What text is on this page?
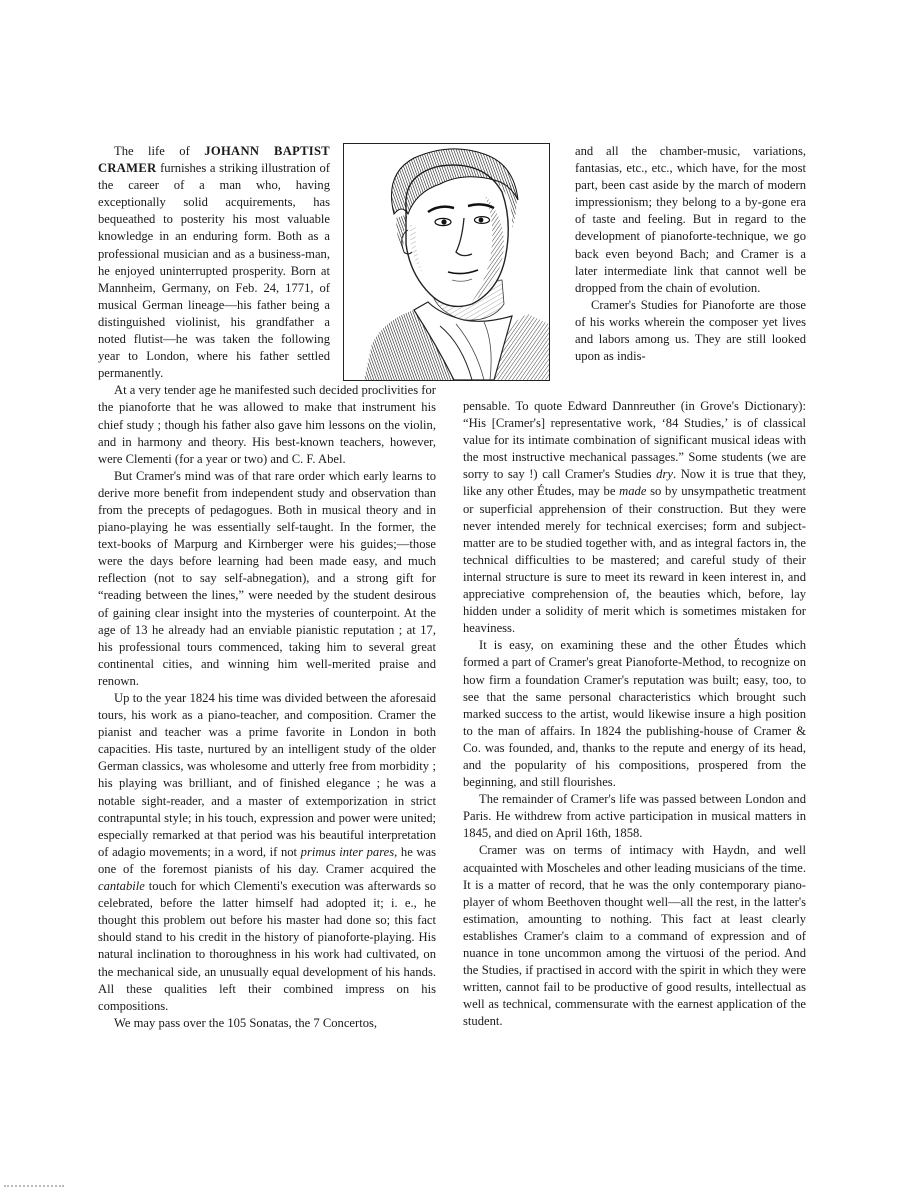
The life of JOHANN BAPTIST CRAMER furnishes a striking illustration of the career of a man who, having exceptionally solid acquirements, has bequeathed to posterity his most valuable knowledge in an enduring form. Both as a professional musician and as a business-man, he enjoyed uninterrupted prosperity. Born at Mannheim, Germany, on Feb. 24, 1771, of musical German lineage—his father being a distinguished violinist, his grandfather a noted flutist—he was taken the following year to London, where his father settled permanently.

At a very tender age he manifested such decided proclivities for the pianoforte that he was allowed to make that instrument his chief study ; though his father also gave him lessons on the violin, and in harmony and theory. His best-known teachers, however, were Clementi (for a year or two) and C. F. Abel.

But Cramer's mind was of that rare order which early learns to derive more benefit from independent study and observation than from the precepts of pedagogues. Both in musical theory and in piano-playing he was essentially self-taught. In the former, the text-books of Marpurg and Kirnberger were his guides;—those were the days before learning had been made easy, and much reflection (not to say self-abnegation), and a strong gift for “reading between the lines,” were needed by the student desirous of gaining clear insight into the mysteries of counterpoint. At the age of 13 he already had an enviable pianistic reputation ; at 17, his professional tours commenced, taking him to several great continental cities, and winning him well-merited praise and renown.

Up to the year 1824 his time was divided between the aforesaid tours, his work as a piano-teacher, and composition. Cramer the pianist and teacher was a prime favorite in London in both capacities. His taste, nurtured by an intelligent study of the older German classics, was wholesome and utterly free from morbidity ; his playing was brilliant, and of finished elegance ; he was a notable sight-reader, and a master of extemporization in strict contrapuntal style; in his touch, expression and power were united; especially remarked at that period was his beautiful interpretation of adagio movements; in a word, if not primus inter pares, he was one of the foremost pianists of his day. Cramer acquired the cantabile touch for which Clementi's execution was afterwards so celebrated, before the latter himself had adopted it; i. e., he thought this problem out before his master had done so; this fact should stand to his credit in the history of pianoforte-playing. His natural inclination to thoroughness in his work had cultivated, on the mechanical side, an unusually equal development of his hands. All these qualities left their combined impress on his compositions.

We may pass over the 105 Sonatas, the 7 Concertos,

and all the chamber-music, variations, fantasias, etc., etc., which have, for the most part, been cast aside by the march of modern impressionism; they belong to a by-gone era of taste and feeling. But in regard to the development of pianoforte-technique, we go back even beyond Bach; and Cramer is a later intermediate link that cannot well be dropped from the chain of evolution.

Cramer's Studies for Pianoforte are those of his works wherein the composer yet lives and labors among us. They are still looked upon as indis-

pensable. To quote Edward Dannreuther (in Grove's Dictionary): “His [Cramer's] representative work, ‘84 Studies,’ is of classical value for its intimate combination of significant musical ideas with the most instructive mechanical passages.” Some students (we are sorry to say !) call Cramer's Studies dry. Now it is true that they, like any other Études, may be made so by unsympathetic treatment or superficial apprehension of their construction. But they were never intended merely for technical exercises; form and subject-matter are to be studied together with, and as integral factors in, the technical difficulties to be mastered; and careful study of their internal structure is sure to meet its reward in keen interest in, and appreciative comprehension of, the beauties which, before, lay hidden under a solidity of merit which is sometimes mistaken for heaviness.

It is easy, on examining these and the other Études which formed a part of Cramer's great Pianoforte-Method, to recognize on how firm a foundation Cramer's reputation was built; easy, too, to see that the same personal characteristics which brought such marked success to the artist, would likewise insure a high position to the man of affairs. In 1824 the publishing-house of Cramer & Co. was founded, and, thanks to the repute and energy of its head, and the popularity of his compositions, prospered from the beginning, and still flourishes.

The remainder of Cramer's life was passed between London and Paris. He withdrew from active participation in musical matters in 1845, and died on April 16th, 1858.

Cramer was on terms of intimacy with Haydn, and well acquainted with Moscheles and other leading musicians of the time. It is a matter of record, that he was the only contemporary piano-player of whom Beethoven thought well—all the rest, in the latter's estimation, amounting to nothing. This fact at least clearly establishes Cramer's claim to a command of expression and of nuance in tone uncommon among the virtuosi of the period. And the Studies, if practised in accord with the spirit in which they were written, cannot fail to be productive of good results, intellectual as well as technical, commensurate with the earnest application of the student.
